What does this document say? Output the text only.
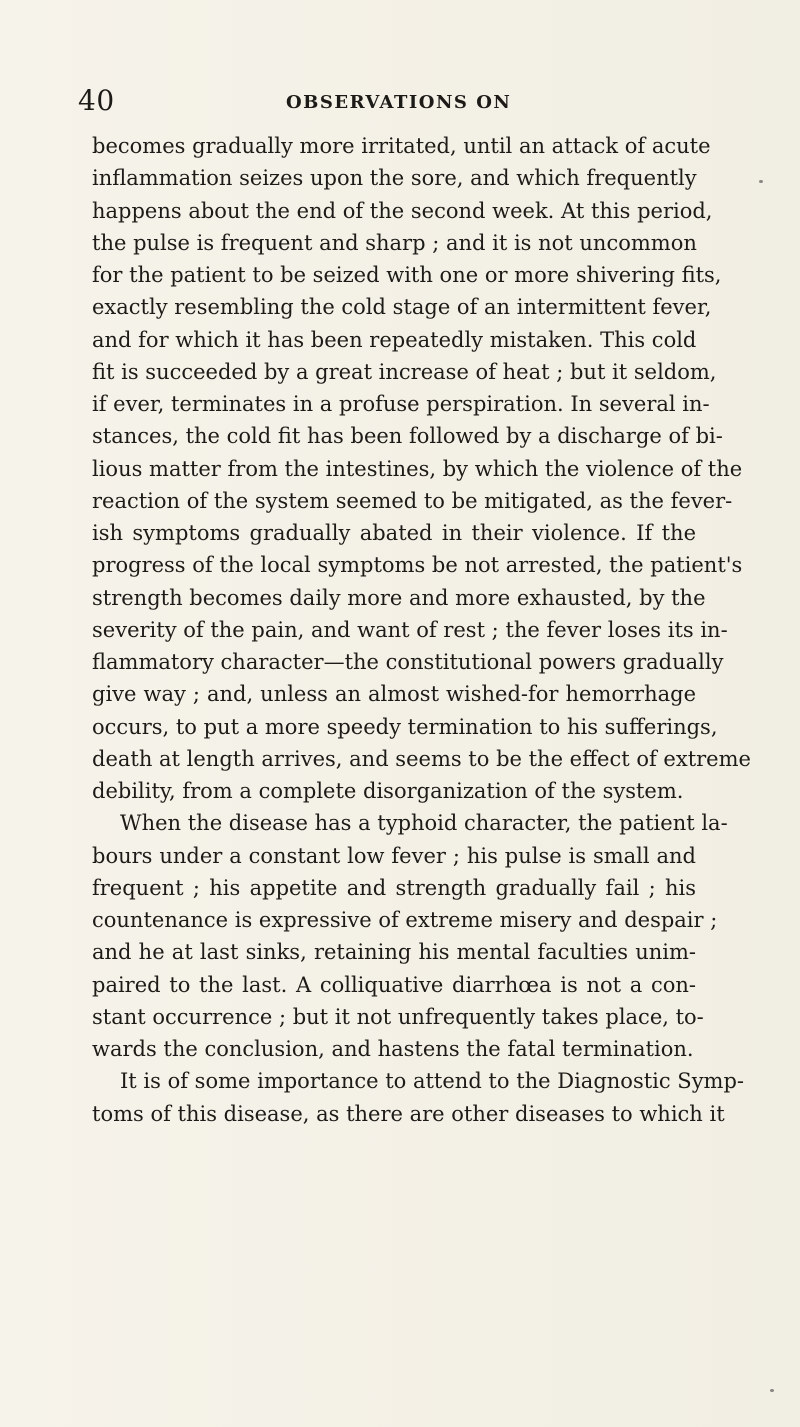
40	OBSERVATIONS ON
becomes gradually more irritated, until an attack of acute
inflammation seizes upon the sore, and which frequently
happens about the end of the second week. At this period,
the pulse is frequent and sharp ; and it is not uncommon
for the patient to be seized with one or more shivering fits,
exactly resembling the cold stage of an intermittent fever,
and for which it has been repeatedly mistaken. This cold
fit is succeeded by a great increase of heat ; but it seldom,
if ever, terminates in a profuse perspiration. In several in-
stances, the cold fit has been followed by a discharge of bi-
lious matter from the intestines, by which the violence of the
reaction of the system seemed to be mitigated, as the fever-
ish symptoms gradually abated in their violence. If the
progress of the local symptoms be not arrested, the patient's
strength becomes daily more and more exhausted, by the
severity of the pain, and want of rest ; the fever loses its in-
flammatory character—the constitutional powers gradually
give way ; and, unless an almost wished-for hemorrhage
occurs, to put a more speedy termination to his sufferings,
death at length arrives, and seems to be the effect of extreme
debility, from a complete disorganization of the system.
When the disease has a typhoid character, the patient la-
bours under a constant low fever ; his pulse is small and
frequent ; his appetite and strength gradually fail ; his
countenance is expressive of extreme misery and despair ;
and he at last sinks, retaining his mental faculties unim-
paired to the last. A colliquative diarrhœa is not a con-
stant occurrence ; but it not unfrequently takes place, to-
wards the conclusion, and hastens the fatal termination.
It is of some importance to attend to the Diagnostic Symp-
toms of this disease, as there are other diseases to which it
